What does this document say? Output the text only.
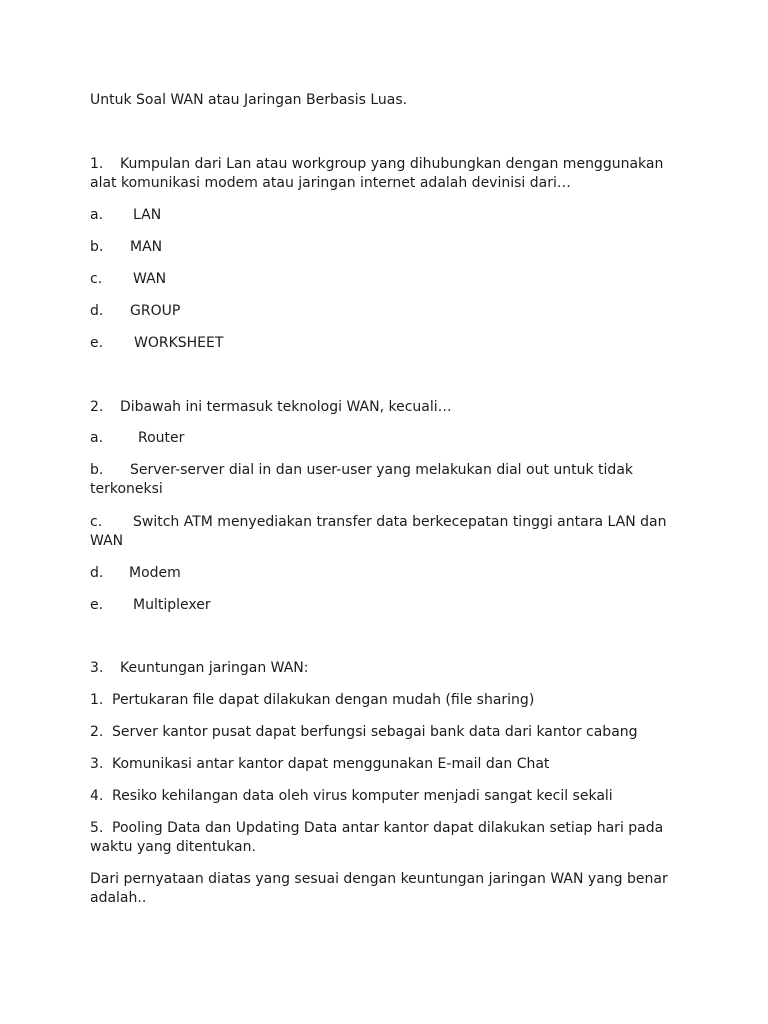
Untuk Soal WAN atau Jaringan Berbasis Luas.
1. Kumpulan dari Lan atau workgroup yang dihubungkan dengan menggunakan alat komunikasi modem atau jaringan internet adalah devinisi dari…
a. LAN
b. MAN
c. WAN
d. GROUP
e. WORKSHEET
2. Dibawah ini termasuk teknologi WAN, kecuali…
a. Router
b. Server-server dial in dan user-user yang melakukan dial out untuk tidak terkoneksi
c. Switch ATM menyediakan transfer data berkecepatan tinggi antara LAN dan WAN
d. Modem
e. Multiplexer
3. Keuntungan jaringan WAN:
1. Pertukaran file dapat dilakukan dengan mudah (file sharing)
2. Server kantor pusat dapat berfungsi sebagai bank data dari kantor cabang
3. Komunikasi antar kantor dapat menggunakan E-mail dan Chat
4. Resiko kehilangan data oleh virus komputer menjadi sangat kecil sekali
5. Pooling Data dan Updating Data antar kantor dapat dilakukan setiap hari pada waktu yang ditentukan.
Dari pernyataan diatas yang sesuai dengan keuntungan jaringan WAN yang benar adalah..
